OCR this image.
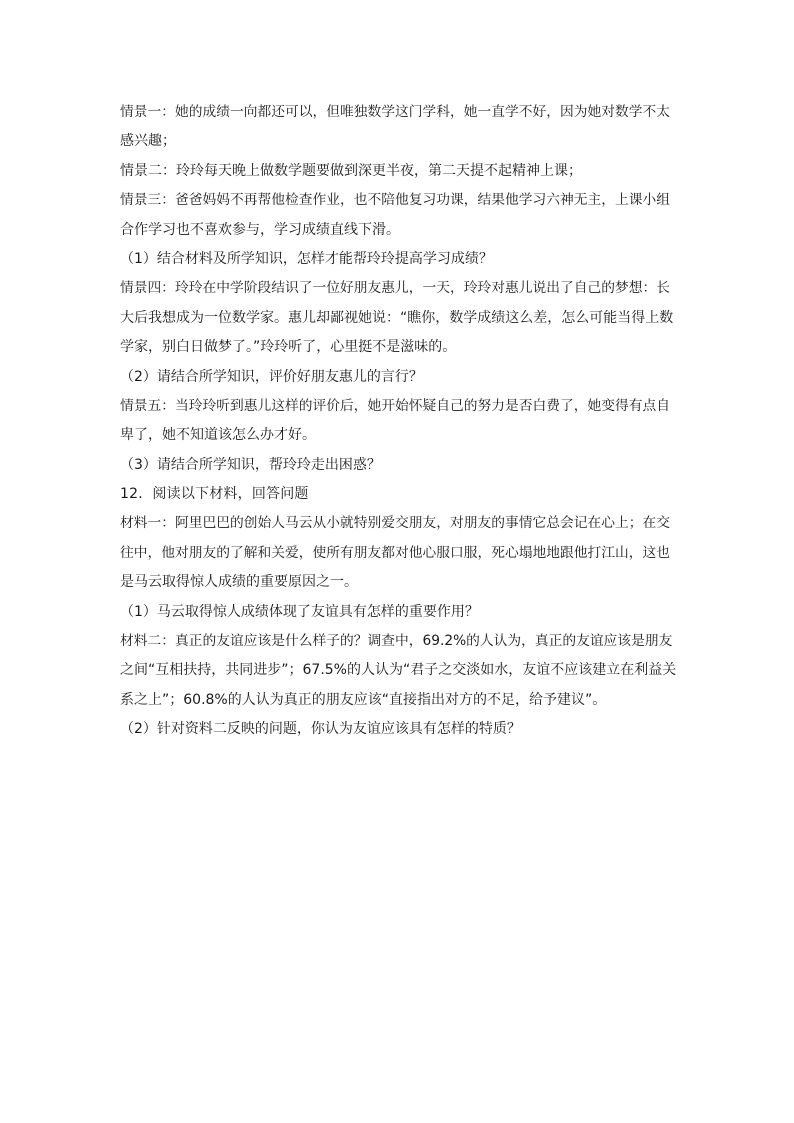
情景一：她的成绩一向都还可以，但唯独数学这门学科，她一直学不好，因为她对数学不太
感兴趣；
情景二：玲玲每天晚上做数学题要做到深更半夜，第二天提不起精神上课；
情景三：爸爸妈妈不再帮他检查作业，也不陪他复习功课，结果他学习六神无主，上课小组
合作学习也不喜欢参与，学习成绩直线下滑。
（1）结合材料及所学知识，怎样才能帮玲玲提高学习成绩？
情景四：玲玲在中学阶段结识了一位好朋友惠儿，一天，玲玲对惠儿说出了自己的梦想：长
大后我想成为一位数学家。惠儿却鄙视她说：“瞧你，数学成绩这么差，怎么可能当得上数
学家，别白日做梦了。”玲玲听了，心里挺不是滋味的。
（2）请结合所学知识，评价好朋友惠儿的言行？
情景五：当玲玲听到惠儿这样的评价后，她开始怀疑自己的努力是否白费了，她变得有点自
卑了，她不知道该怎么办才好。
（3）请结合所学知识，帮玲玲走出困惑？
12．阅读以下材料，回答问题
材料一：阿里巴巴的创始人马云从小就特别爱交朋友，对朋友的事情它总会记在心上；在交
往中，他对朋友的了解和关爱，使所有朋友都对他心服口服，死心塌地地跟他打江山，这也
是马云取得惊人成绩的重要原因之一。
（1）马云取得惊人成绩体现了友谊具有怎样的重要作用？
材料二：真正的友谊应该是什么样子的？调查中，69.2%的人认为，真正的友谊应该是朋友
之间“互相扶持，共同进步”；67.5%的人认为“君子之交淡如水，友谊不应该建立在利益关
系之上”；60.8%的人认为真正的朋友应该“直接指出对方的不足，给予建议”。
（2）针对资料二反映的问题，你认为友谊应该具有怎样的特质？
